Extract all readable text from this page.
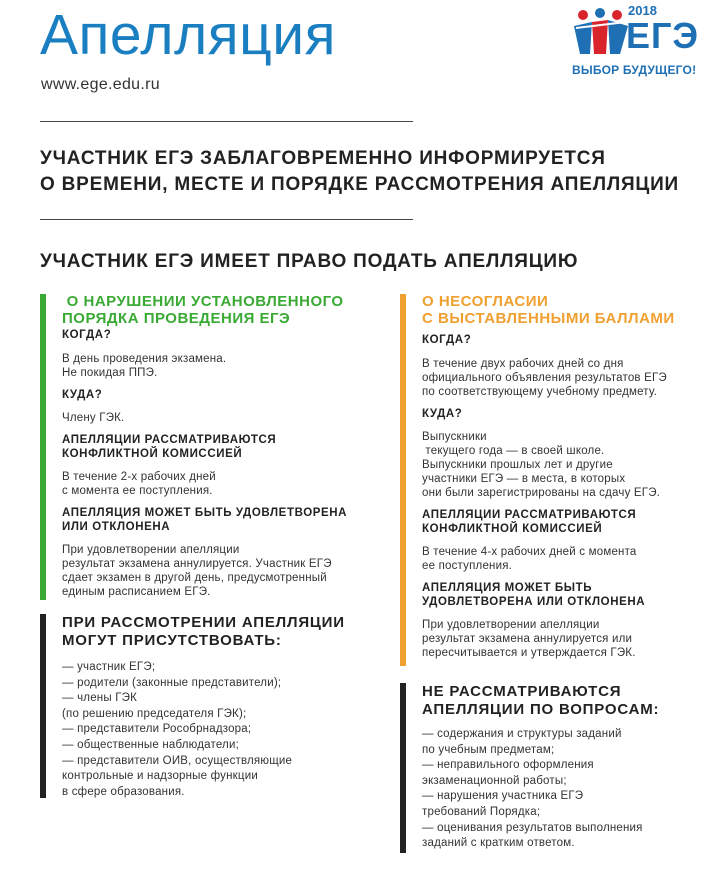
Апелляция
www.ege.edu.ru
2018
ЕГЭ
ВЫБОР БУДУЩЕГО!
УЧАСТНИК ЕГЭ ЗАБЛАГОВРЕМЕННО ИНФОРМИРУЕТСЯ
О ВРЕМЕНИ, МЕСТЕ И ПОРЯДКЕ РАССМОТРЕНИЯ АПЕЛЛЯЦИИ
УЧАСТНИК ЕГЭ ИМЕЕТ ПРАВО ПОДАТЬ АПЕЛЛЯЦИЮ
О НАРУШЕНИИ УСТАНОВЛЕННОГО
ПОРЯДКА ПРОВЕДЕНИЯ ЕГЭ
КОГДА?
В день проведения экзамена.
Не покидая ППЭ.
КУДА?
Члену ГЭК.
АПЕЛЛЯЦИИ РАССМАТРИВАЮТСЯ
КОНФЛИКТНОЙ КОМИССИЕЙ
В течение 2-х рабочих дней
с момента ее поступления.
АПЕЛЛЯЦИЯ МОЖЕТ БЫТЬ УДОВЛЕТВОРЕНА
ИЛИ ОТКЛОНЕНА
При удовлетворении апелляции
результат экзамена аннулируется. Участник ЕГЭ
сдает экзамен в другой день, предусмотренный
единым расписанием ЕГЭ.
О НЕСОГЛАСИИ
С ВЫСТАВЛЕННЫМИ БАЛЛАМИ
КОГДА?
В течение двух рабочих дней со дня
официального объявления результатов ЕГЭ
по соответствующему учебному предмету.
КУДА?
Выпускники
текущего года — в своей школе.
Выпускники прошлых лет и другие
участники ЕГЭ — в места, в которых
они были зарегистрированы на сдачу ЕГЭ.
АПЕЛЛЯЦИИ РАССМАТРИВАЮТСЯ
КОНФЛИКТНОЙ КОМИССИЕЙ
В течение 4-х рабочих дней с момента
ее поступления.
АПЕЛЛЯЦИЯ МОЖЕТ БЫТЬ
УДОВЛЕТВОРЕНА ИЛИ ОТКЛОНЕНА
При удовлетворении апелляции
результат экзамена аннулируется или
пересчитывается и утверждается ГЭК.
ПРИ РАССМОТРЕНИИ АПЕЛЛЯЦИИ
МОГУТ ПРИСУТСТВОВАТЬ:
— участник ЕГЭ;
— родители (законные представители);
— члены ГЭК
(по решению председателя ГЭК);
— представители Рособрнадзора;
— общественные наблюдатели;
— представители ОИВ, осуществляющие
контрольные и надзорные функции
в сфере образования.
НЕ РАССМАТРИВАЮТСЯ
АПЕЛЛЯЦИИ ПО ВОПРОСАМ:
— содержания и структуры заданий
по учебным предметам;
— неправильного оформления
экзаменационной работы;
— нарушения участника ЕГЭ
требований Порядка;
— оценивания результатов выполнения
заданий с кратким ответом.
